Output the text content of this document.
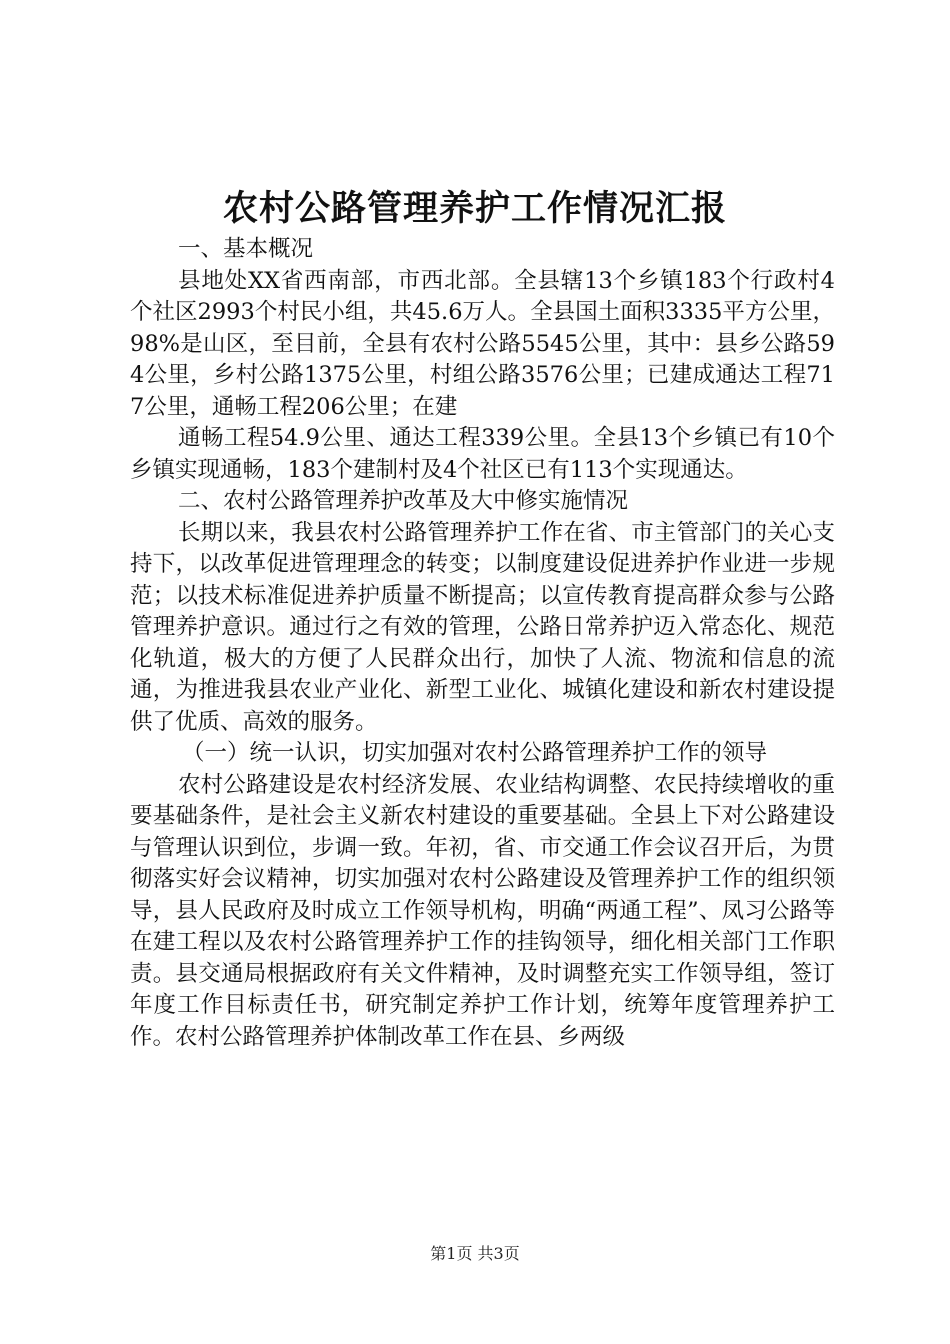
农村公路管理养护工作情况汇报

一、基本概况

县地处XX省西南部，市西北部。全县辖13个乡镇183个行政村4个社区2993个村民小组，共45.6万人。全县国土面积3335平方公里，98%是山区，至目前，全县有农村公路5545公里，其中：县乡公路594公里，乡村公路1375公里，村组公路3576公里；已建成通达工程717公里，通畅工程206公里；在建

通畅工程54.9公里、通达工程339公里。全县13个乡镇已有10个乡镇实现通畅，183个建制村及4个社区已有113个实现通达。

二、农村公路管理养护改革及大中修实施情况

长期以来，我县农村公路管理养护工作在省、市主管部门的关心支持下，以改革促进管理理念的转变；以制度建设促进养护作业进一步规范；以技术标准促进养护质量不断提高；以宣传教育提高群众参与公路管理养护意识。通过行之有效的管理，公路日常养护迈入常态化、规范化轨道，极大的方便了人民群众出行，加快了人流、物流和信息的流通，为推进我县农业产业化、新型工业化、城镇化建设和新农村建设提供了优质、高效的服务。

（一）统一认识，切实加强对农村公路管理养护工作的领导

农村公路建设是农村经济发展、农业结构调整、农民持续增收的重要基础条件，是社会主义新农村建设的重要基础。全县上下对公路建设与管理认识到位，步调一致。年初，省、市交通工作会议召开后，为贯彻落实好会议精神，切实加强对农村公路建设及管理养护工作的组织领导，县人民政府及时成立工作领导机构，明确“两通工程”、凤习公路等在建工程以及农村公路管理养护工作的挂钩领导，细化相关部门工作职责。县交通局根据政府有关文件精神，及时调整充实工作领导组，签订年度工作目标责任书，研究制定养护工作计划，统筹年度管理养护工作。农村公路管理养护体制改革工作在县、乡两级

第1页 共3页
